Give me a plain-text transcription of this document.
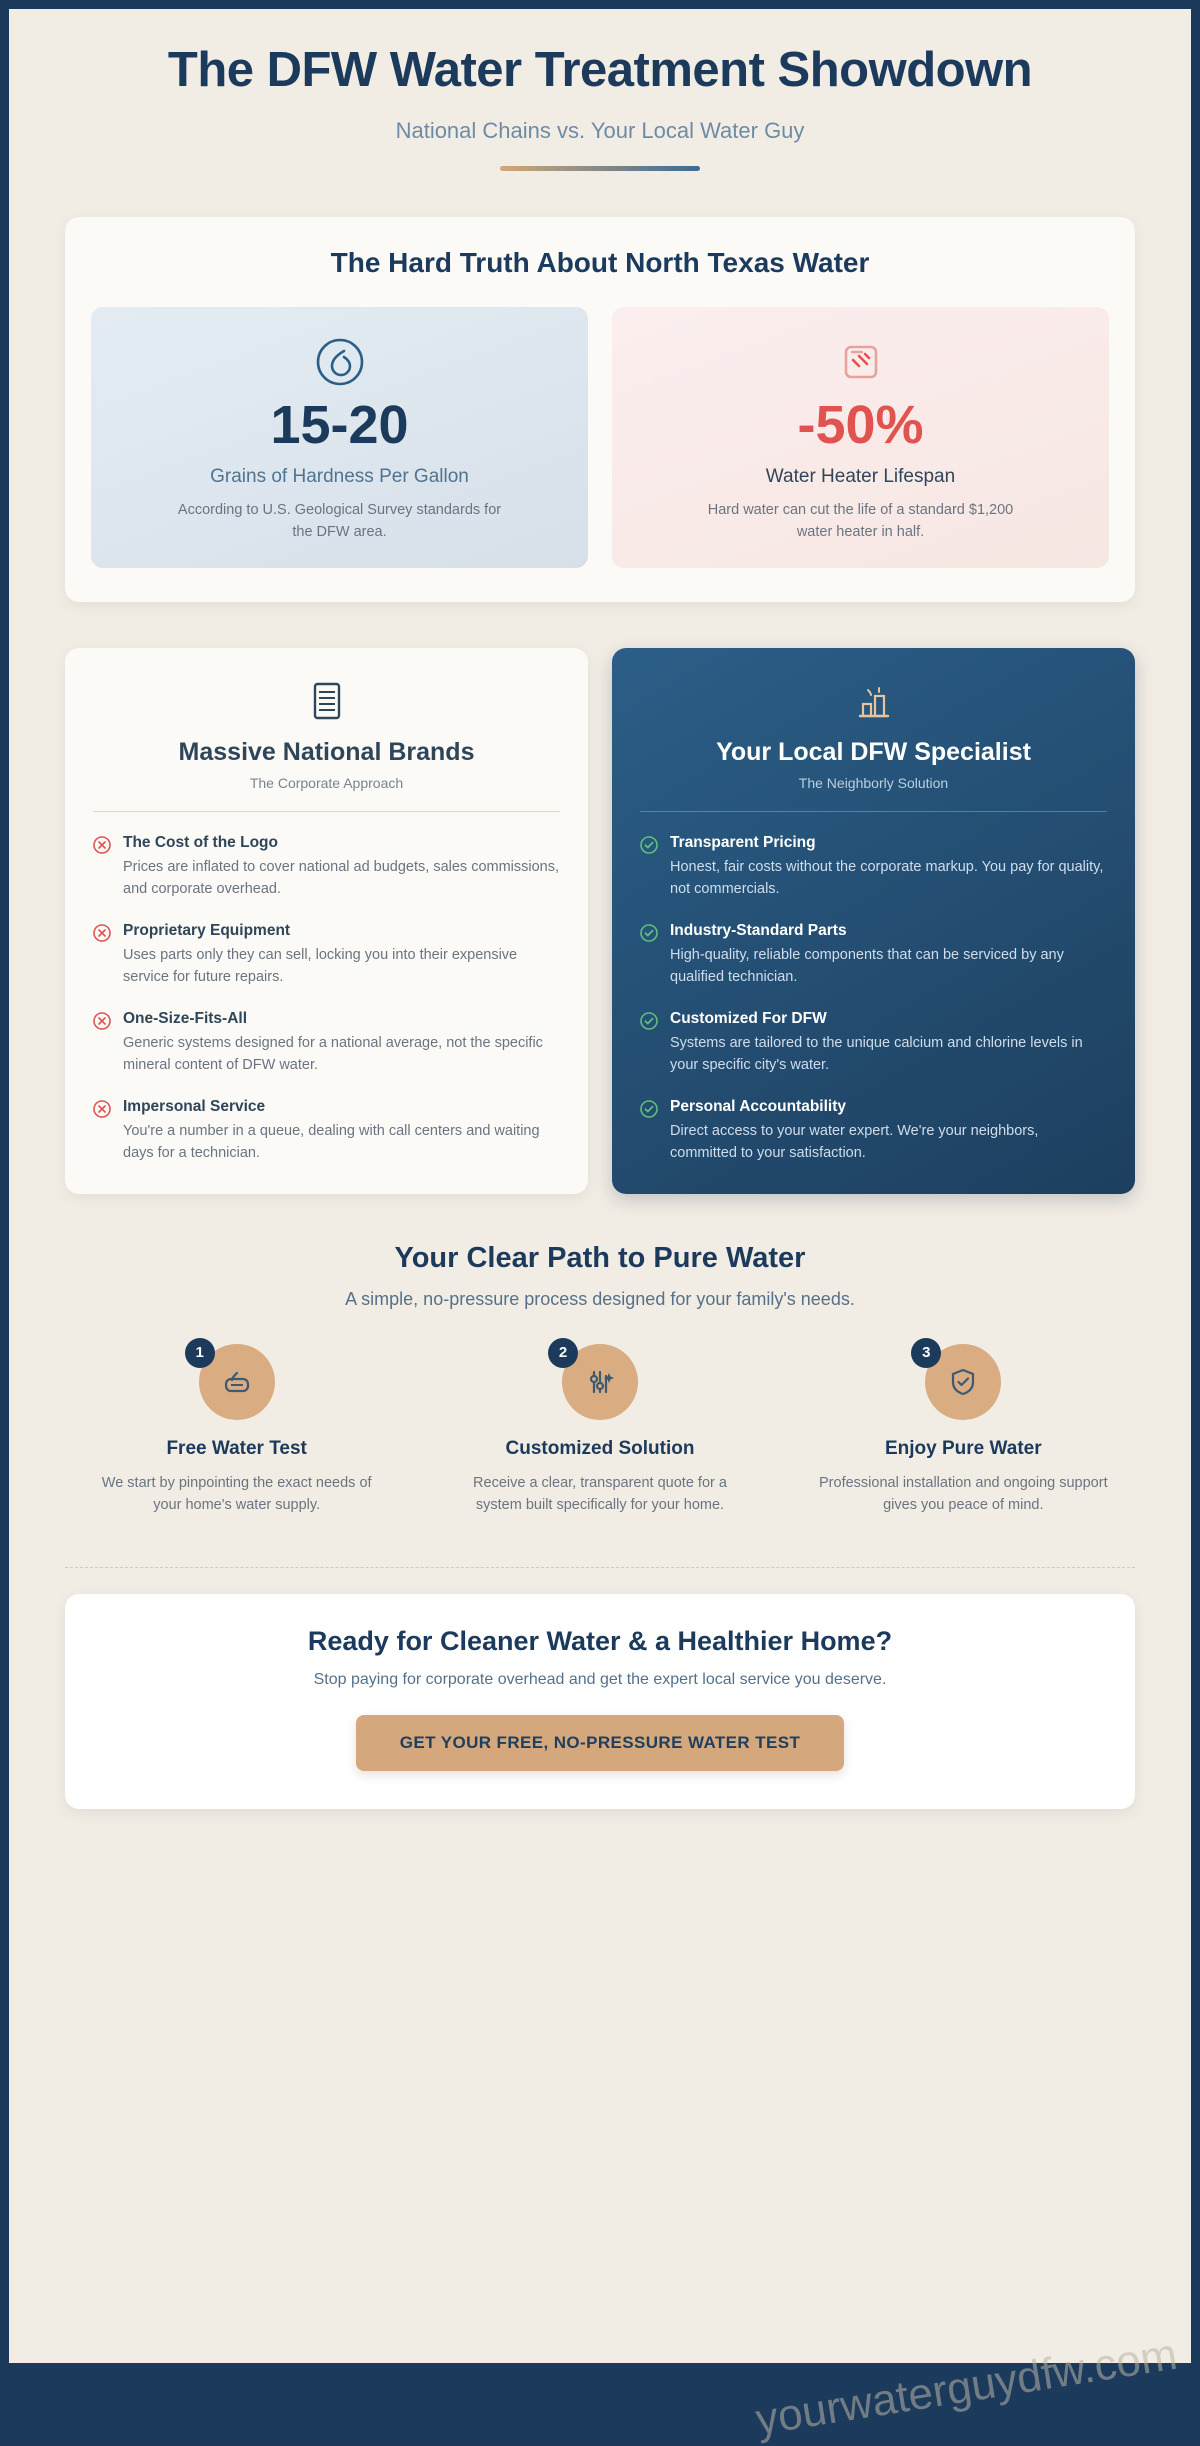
The DFW Water Treatment Showdown
National Chains vs. Your Local Water Guy
The Hard Truth About North Texas Water
15-20
Grains of Hardness Per Gallon
According to U.S. Geological Survey standards for the DFW area.
-50%
Water Heater Lifespan
Hard water can cut the life of a standard $1,200 water heater in half.
Massive National Brands
The Corporate Approach
The Cost of the Logo
Prices are inflated to cover national ad budgets, sales commissions, and corporate overhead.
Proprietary Equipment
Uses parts only they can sell, locking you into their expensive service for future repairs.
One-Size-Fits-All
Generic systems designed for a national average, not the specific mineral content of DFW water.
Impersonal Service
You're a number in a queue, dealing with call centers and waiting days for a technician.
Your Local DFW Specialist
The Neighborly Solution
Transparent Pricing
Honest, fair costs without the corporate markup. You pay for quality, not commercials.
Industry-Standard Parts
High-quality, reliable components that can be serviced by any qualified technician.
Customized For DFW
Systems are tailored to the unique calcium and chlorine levels in your specific city's water.
Personal Accountability
Direct access to your water expert. We're your neighbors, committed to your satisfaction.
Your Clear Path to Pure Water
A simple, no-pressure process designed for your family's needs.
1
Free Water Test

We start by pinpointing the exact needs of your home's water supply.

2
Customized Solution

Receive a clear, transparent quote for a system built specifically for your home.

3
Enjoy Pure Water

Professional installation and ongoing support gives you peace of mind.

Ready for Cleaner Water & a Healthier Home?

Stop paying for corporate overhead and get the expert local service you deserve.

GET YOUR FREE, NO-PRESSURE WATER TEST
yourwaterguydfw.com
